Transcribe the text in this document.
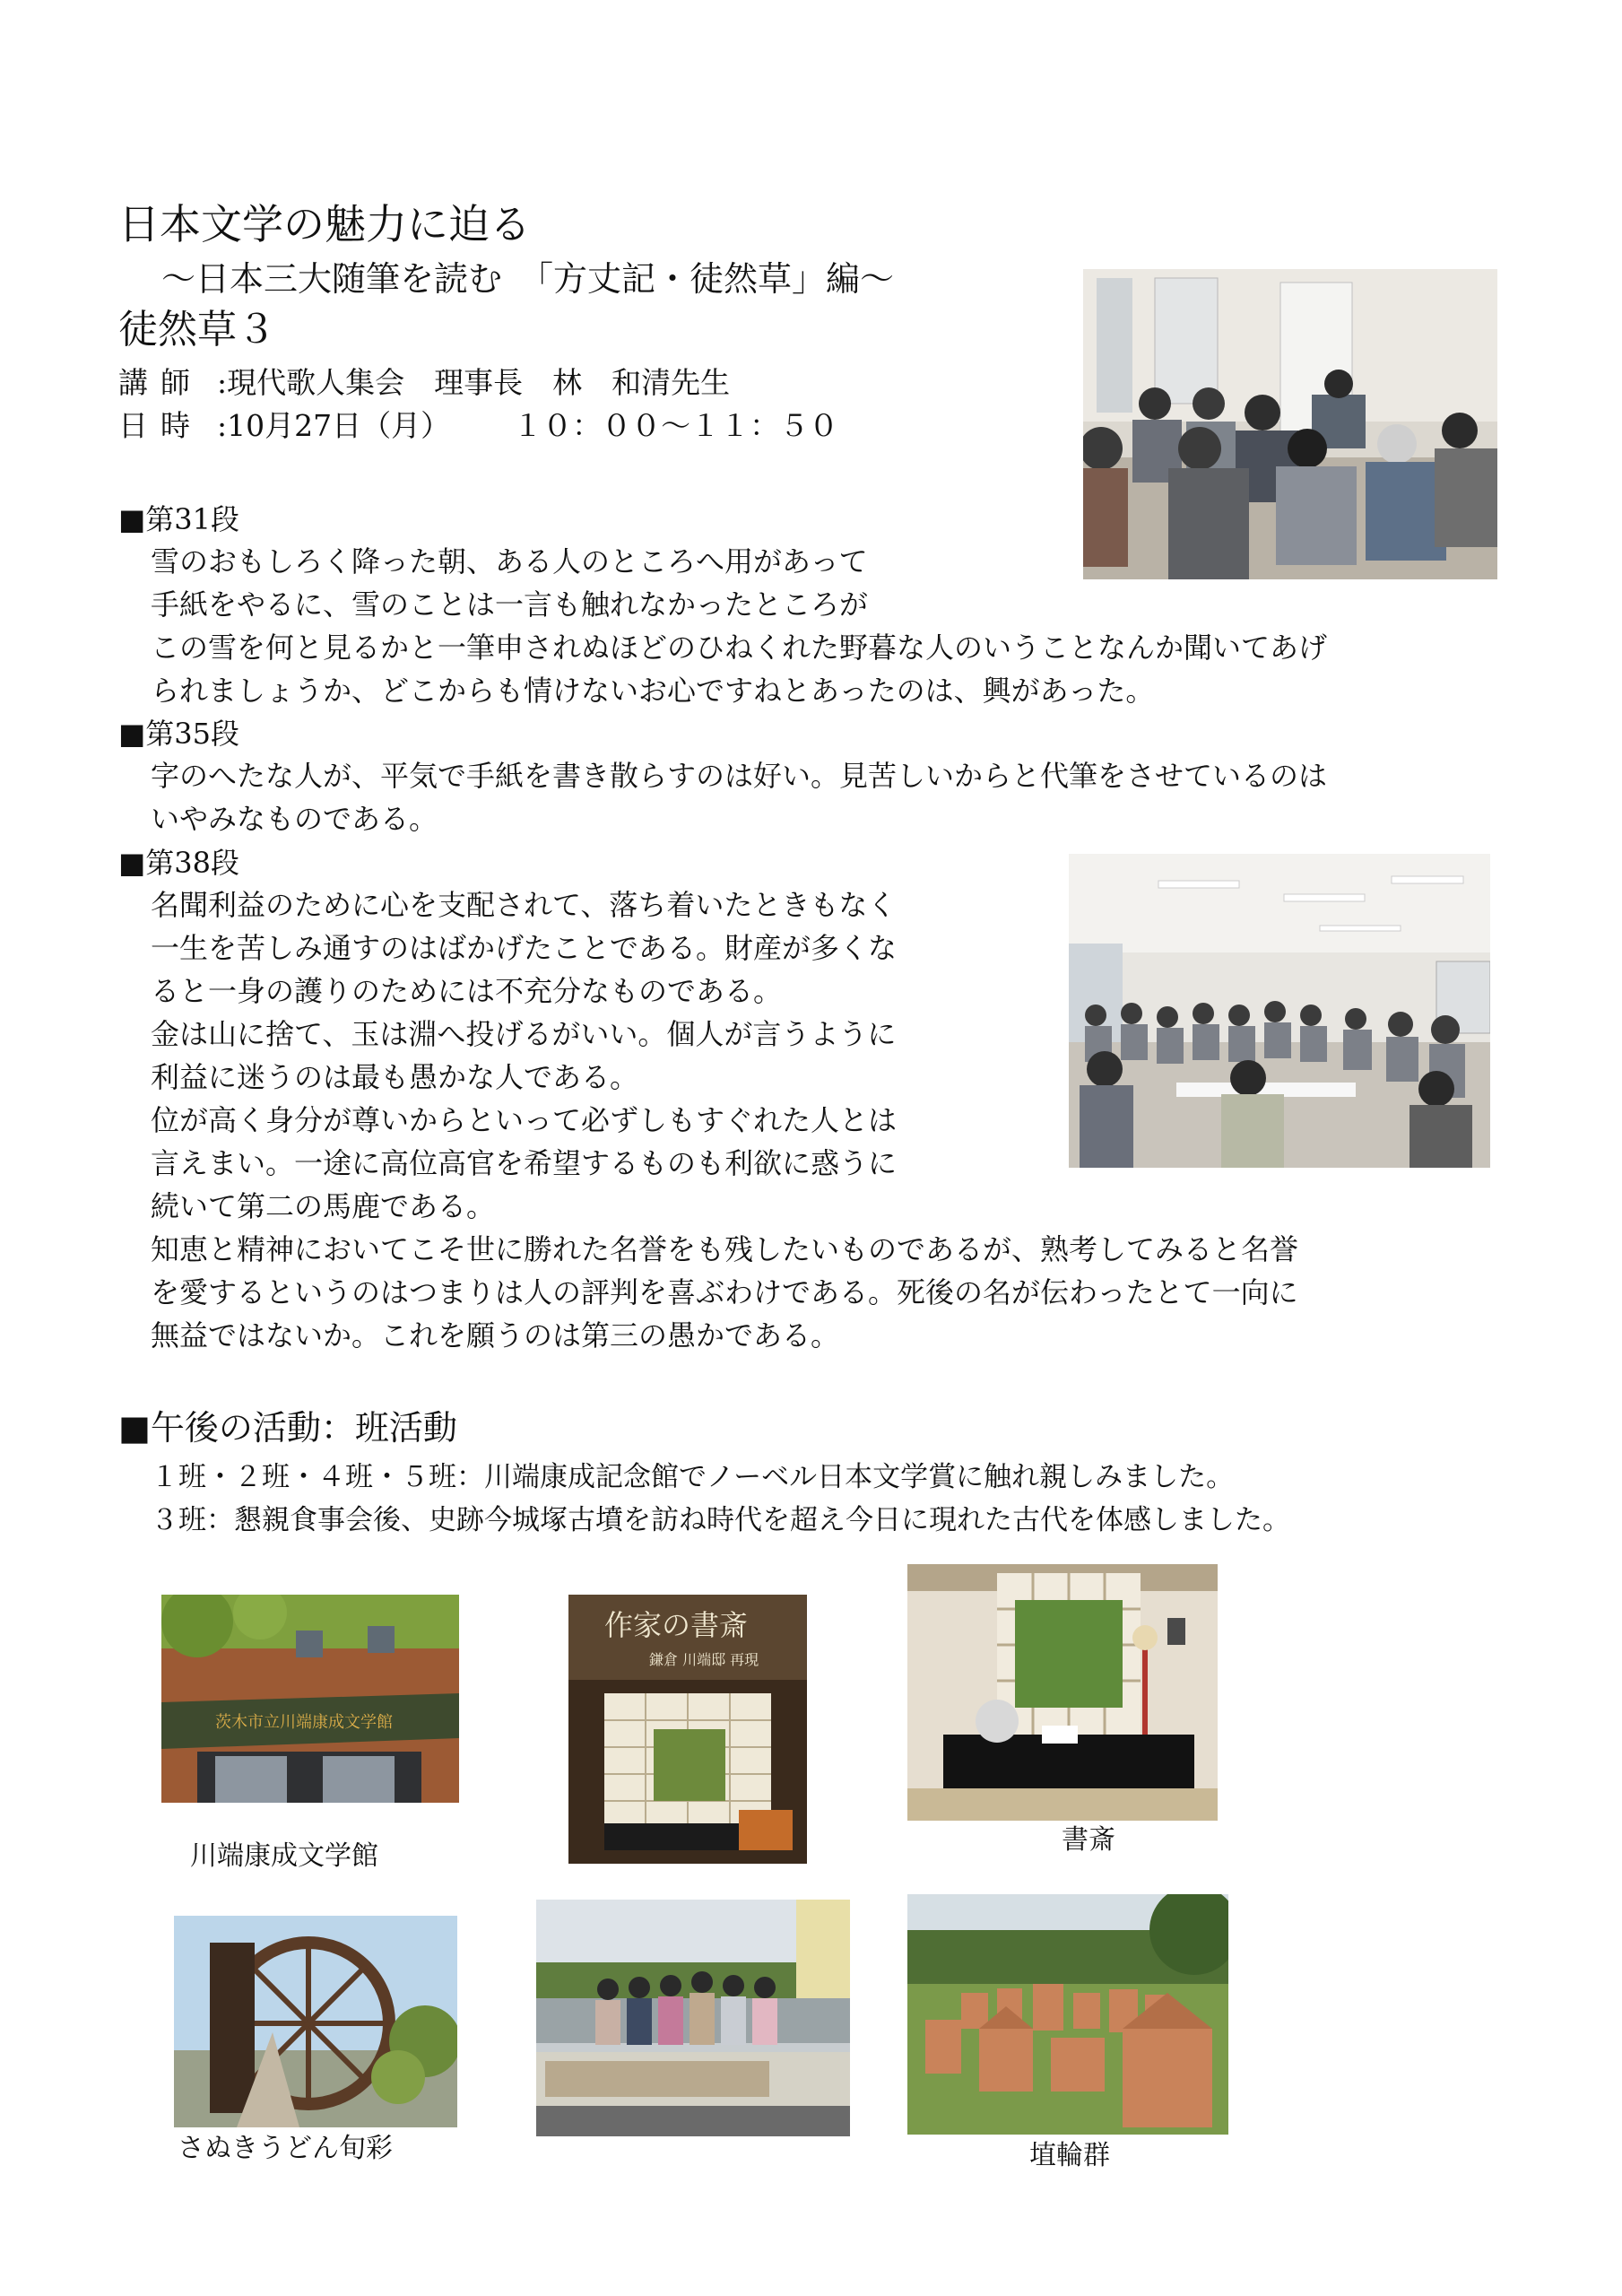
日本文学の魅力に迫る
～日本三大随筆を読む　「方丈記・徒然草」編～
徒然草３
講師 :現代歌人集会　理事長　林　和清先生
日時 :10月27日（月） １０：００～１１：５０
■第31段

雪のおもしろく降った朝、ある人のところへ用があって

手紙をやるに、雪のことは一言も触れなかったところが

この雪を何と見るかと一筆申されぬほどのひねくれた野暮な人のいうことなんか聞いてあげ

られましょうか、どこからも情けないお心ですねとあったのは、興があった。

■第35段

字のへたな人が、平気で手紙を書き散らすのは好い。見苦しいからと代筆をさせているのは

いやみなものである。

■第38段

名聞利益のために心を支配されて、落ち着いたときもなく

一生を苦しみ通すのはばかげたことである。財産が多くな

ると一身の護りのためには不充分なものである。

金は山に捨て、玉は淵へ投げるがいい。個人が言うように

利益に迷うのは最も愚かな人である。

位が高く身分が尊いからといって必ずしもすぐれた人とは

言えまい。一途に高位高官を希望するものも利欲に惑うに

続いて第二の馬鹿である。

知恵と精神においてこそ世に勝れた名誉をも残したいものであるが、熟考してみると名誉

を愛するというのはつまりは人の評判を喜ぶわけである。死後の名が伝わったとて一向に

無益ではないか。これを願うのは第三の愚かである。

■午後の活動：班活動
１班・２班・４班・５班：川端康成記念館でノーベル日本文学賞に触れ親しみました。
３班：懇親食事会後、史跡今城塚古墳を訪ね時代を超え今日に現れた古代を体感しました。
茨木市立川端康成文学館
作家の書斎
鎌倉 川端邸 再現
川端康成文学館
書斎
さぬきうどん旬彩	埴輪群
